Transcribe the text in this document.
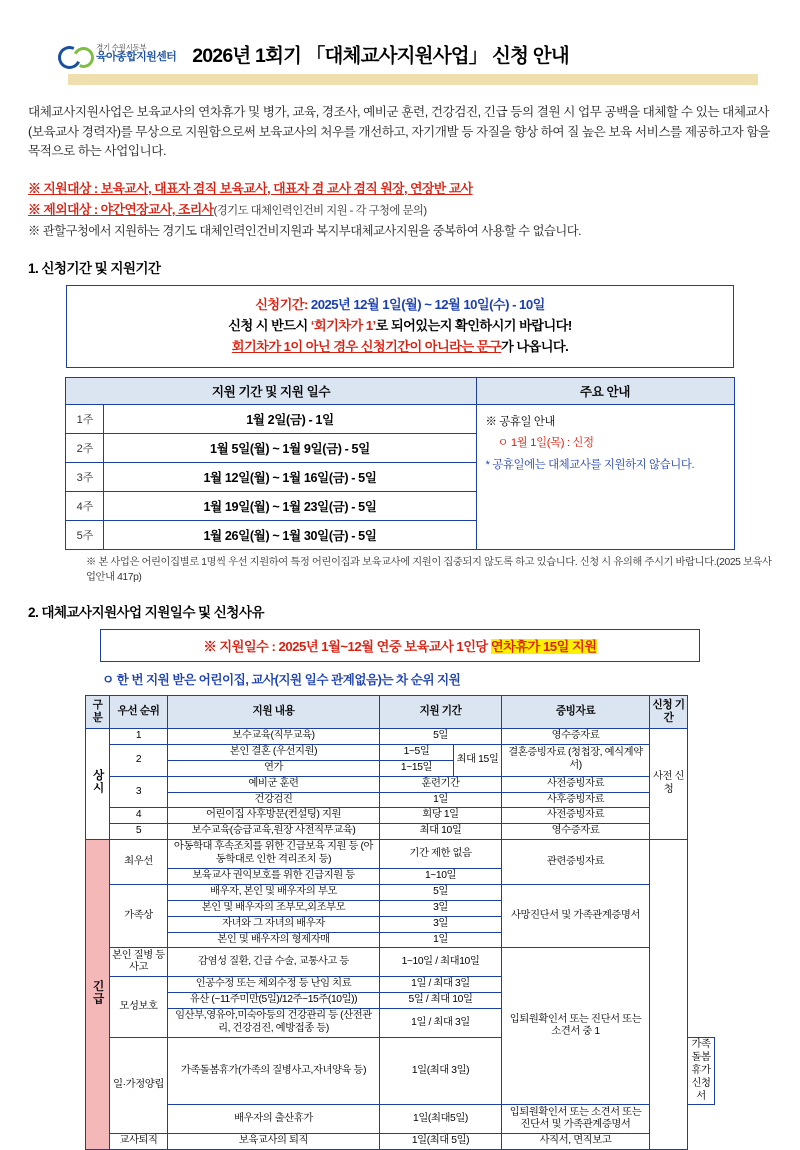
경기 수원시동부
육아종합지원센터 2026년 1회기 「대체교사지원사업」 신청 안내
대체교사지원사업은 보육교사의 연차휴가 및 병가, 교육, 경조사, 예비군 훈련, 건강검진, 긴급 등의 결원 시 업무 공백을 대체할 수 있는 대체교사(보육교사 경력자)를 무상으로 지원함으로써 보육교사의 처우를 개선하고, 자기개발 등 자질을 향상 하여 질 높은 보육 서비스를 제공하고자 함을 목적으로 하는 사업입니다.
※ 지원대상 : 보육교사, 대표자 겸직 보육교사, 대표자 겸 교사 겸직 원장, 연장반 교사
※ 제외대상 : 야간연장교사, 조리사(경기도 대체인력인건비 지원 - 각 구청에 문의)
※ 관할구청에서 지원하는 경기도 대체인력인건비지원과 복지부대체교사지원을 중복하여 사용할 수 없습니다.
1. 신청기간 및 지원기간
신청기간: 2025년 12월 1일(월) ~ 12월 10일(수) - 10일
신청 시 반드시 ‘회기차가 1’로 되어있는지 확인하시기 바랍니다!
회기차가 1이 아닌 경우 신청기간이 아니라는 문구가 나옵니다.
지원 기간 및 지원 일수		주요 안내
1주	1월 2일(금) - 1일	※ 공휴일 안내
ㅇ 1월 1일(목) : 신정
* 공휴일에는 대체교사를 지원하지 않습니다.

2주	1월 5일(월) ~ 1월 9일(금) - 5일	
3주	1월 12일(월) ~ 1월 16일(금) - 5일	
4주	1월 19일(월) ~ 1월 23일(금) - 5일	
5주	1월 26일(월) ~ 1월 30일(금) - 5일	
※ 본 사업은 어린이집별로 1명씩 우선 지원하여 특정 어린이집과 보육교사에 지원이 집중되지 않도록 하고 있습니다. 신청 시 유의해 주시기 바랍니다.(2025 보육사업안내 417p)
2. 대체교사지원사업 지원일수 및 신청사유
※ 지원일수 : 2025년 1월~12월 연중 보육교사 1인당 연차휴가 15일 지원
ㅇ 한 번 지원 받은 어린이집, 교사(지원 일수 관계없음)는 차 순위 지원
구분	우선 순위	지원 내용	지원 기간		증빙자료	신청 기간	
상시	1	보수교육(직무교육)	5일		영수증자료	사전 신청	
	2	본인 결혼 (우선지원)	1~5일	최대 15일	결혼증빙자료 (청첩장, 예식계약서)		
		연가	1~15일				
	3	예비군 훈련	훈련기간		사전증빙자료		
		건강검진	1일		사후증빙자료		
	4	어린이집 사후방문(컨설팅) 지원	회당 1일		사전증빙자료		
	5	보수교육(승급교육,원장 사전직무교육)	최대 10일		영수증자료		
긴급	최우선	아동학대 후속조치를 위한 긴급보육 지원 등 (아동학대로 인한 격리조치 등)	기간 제한 없음		관련증빙자료		
		보육교사 권익보호를 위한 긴급지원 등	1~10일				
	가족상	배우자, 본인 및 배우자의 부모	5일		사망진단서 및 가족관계증명서		
		본인 및 배우자의 조부모,외조부모	3일				
		자녀와 그 자녀의 배우자	3일				
		본인 및 배우자의 형제자매	1일				
	본인 질병 등 사고	감염성 질환, 긴급 수술, 교통사고 등	1~10일 / 최대10일		입퇴원확인서 또는 진단서 또는 소견서 중 1		
	모성보호	인공수정 또는 체외수정 등 난임 치료	1일 / 최대 3일				
		유산 (~11주미만(5일)/12주~15주(10일))	5일 / 최대 10일				
		임산부,영유아,미숙아등의 건강관리 등 (산전관리, 건강검진, 예방접종 등)	1일 / 최대 3일				
	일·가정양립	가족돌봄휴가(가족의 질병사고,자녀양육 등)	1일(최대 3일)				가족돌봄휴가신청서
		배우자의 출산휴가	1일(최대5일)		입퇴원확인서 또는 소견서 또는 진단서 및 가족관계증명서		
	교사퇴직	보육교사의 퇴직	1일(최대 5일)		사직서, 면직보고		
